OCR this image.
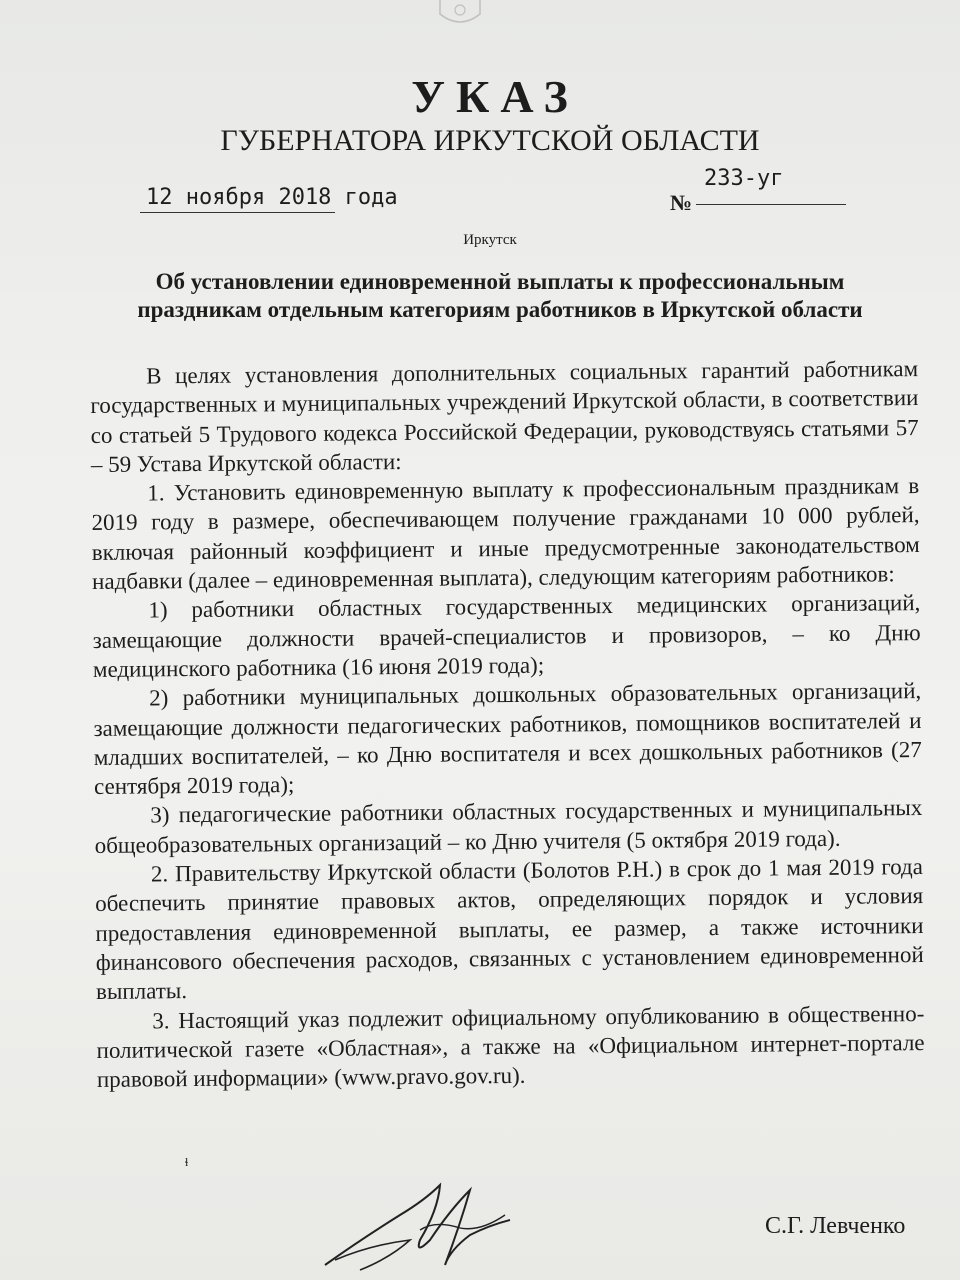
УКАЗ
ГУБЕРНАТОРА ИРКУТСКОЙ ОБЛАСТИ
12 ноября 2018 года	№
233-уг
Иркутск
Об установлении единовременной выплаты к профессиональным праздникам отдельным категориям работников в Иркутской области

В целях установления дополнительных социальных гарантий работникам государственных и муниципальных учреждений Иркутской области, в соответствии со статьей 5 Трудового кодекса Российской Федерации, руководствуясь статьями 57 – 59 Устава Иркутской области:

1. Установить единовременную выплату к профессиональным праздникам в 2019 году в размере, обеспечивающем получение гражданами 10 000 рублей, включая районный коэффициент и иные предусмотренные законодательством надбавки (далее – единовременная выплата), следующим категориям работников:

1) работники областных государственных медицинских организаций, замещающие должности врачей-специалистов и провизоров, – ко Дню медицинского работника (16 июня 2019 года);

2) работники муниципальных дошкольных образовательных организаций, замещающие должности педагогических работников, помощников воспитателей и младших воспитателей, – ко Дню воспитателя и всех дошкольных работников (27 сентября 2019 года);

3) педагогические работники областных государственных и муниципальных общеобразовательных организаций – ко Дню учителя (5 октября 2019 года).

2. Правительству Иркутской области (Болотов Р.Н.) в срок до 1 мая 2019 года обеспечить принятие правовых актов, определяющих порядок и условия предоставления единовременной выплаты, ее размер, а также источники финансового обеспечения расходов, связанных с установлением единовременной выплаты.

3. Настоящий указ подлежит официальному опубликованию в общественно-политической газете «Областная», а также на «Официальном интернет-портале правовой информации» (www.pravo.gov.ru).

ɬ
С.Г. Левченко
